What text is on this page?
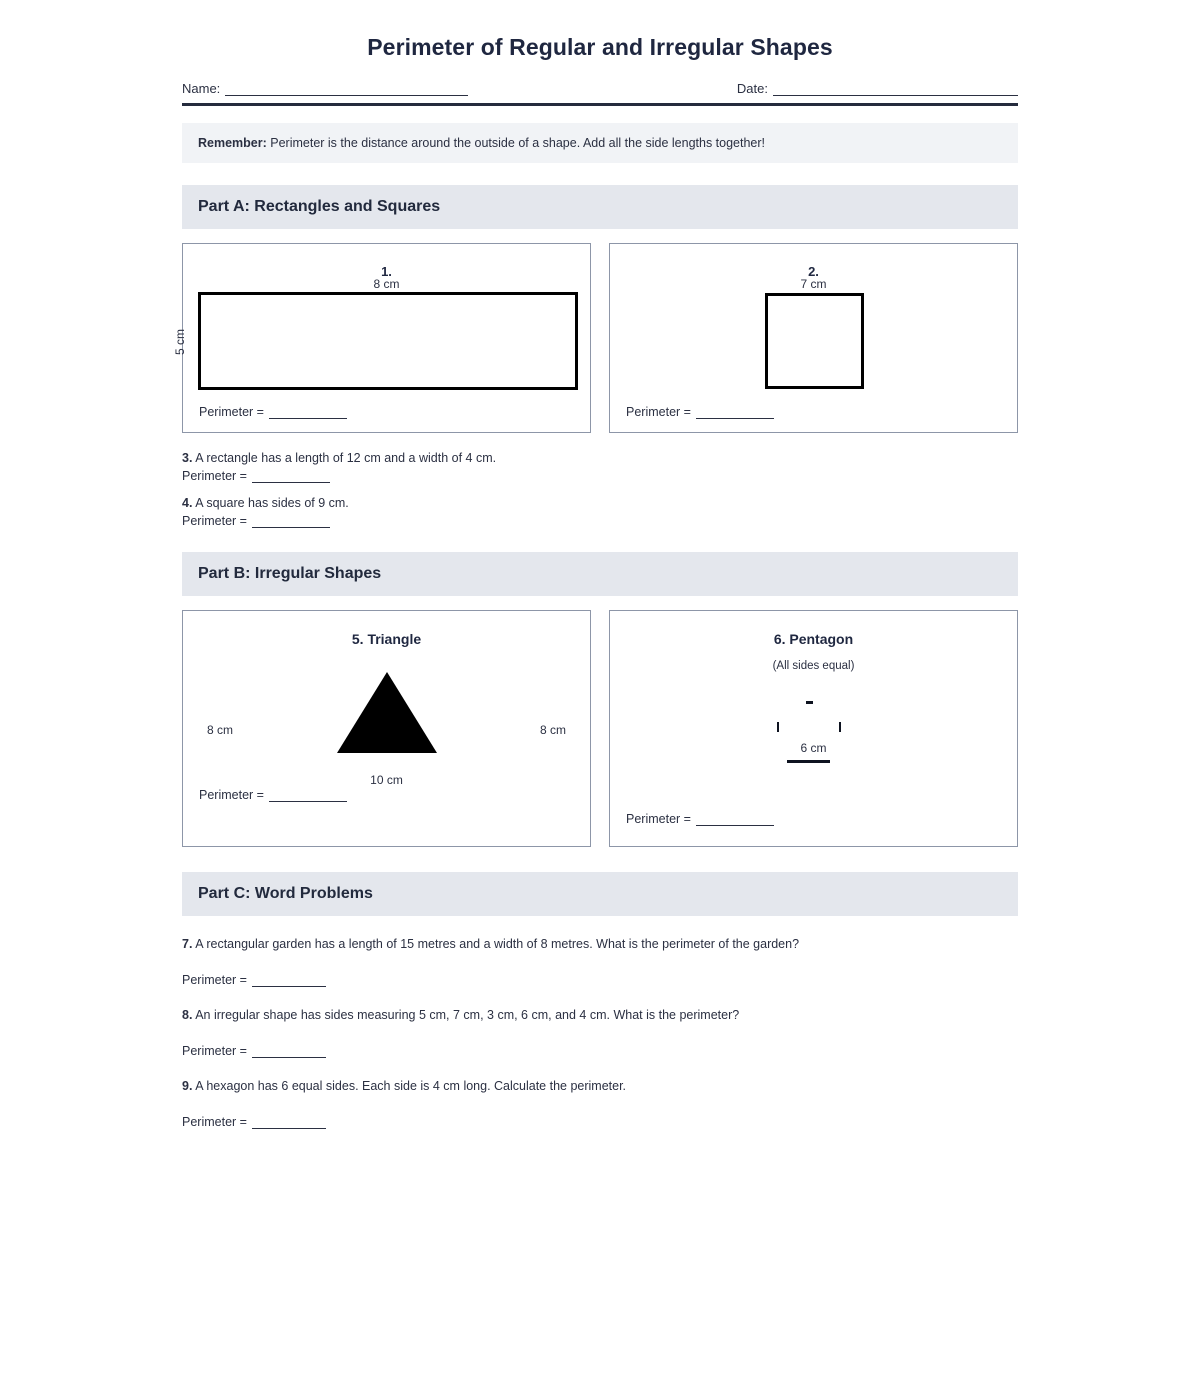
Perimeter of Regular and Irregular Shapes
Name:	Date:
Remember: Perimeter is the distance around the outside of a shape. Add all the side lengths together!
Part A: Rectangles and Squares
5 cm
1.
8 cm
Perimeter =
2.
7 cm
Perimeter =
3. A rectangle has a length of 12 cm and a width of 4 cm.
Perimeter =
4. A square has sides of 9 cm.
Perimeter =
Part B: Irregular Shapes
5. Triangle
8 cm	8 cm
10 cm
Perimeter =
6. Pentagon
(All sides equal)
6 cm
Perimeter =
Part C: Word Problems
7. A rectangular garden has a length of 15 metres and a width of 8 metres. What is the perimeter of the garden?
Perimeter =
8. An irregular shape has sides measuring 5 cm, 7 cm, 3 cm, 6 cm, and 4 cm. What is the perimeter?
Perimeter =
9. A hexagon has 6 equal sides. Each side is 4 cm long. Calculate the perimeter.
Perimeter =
